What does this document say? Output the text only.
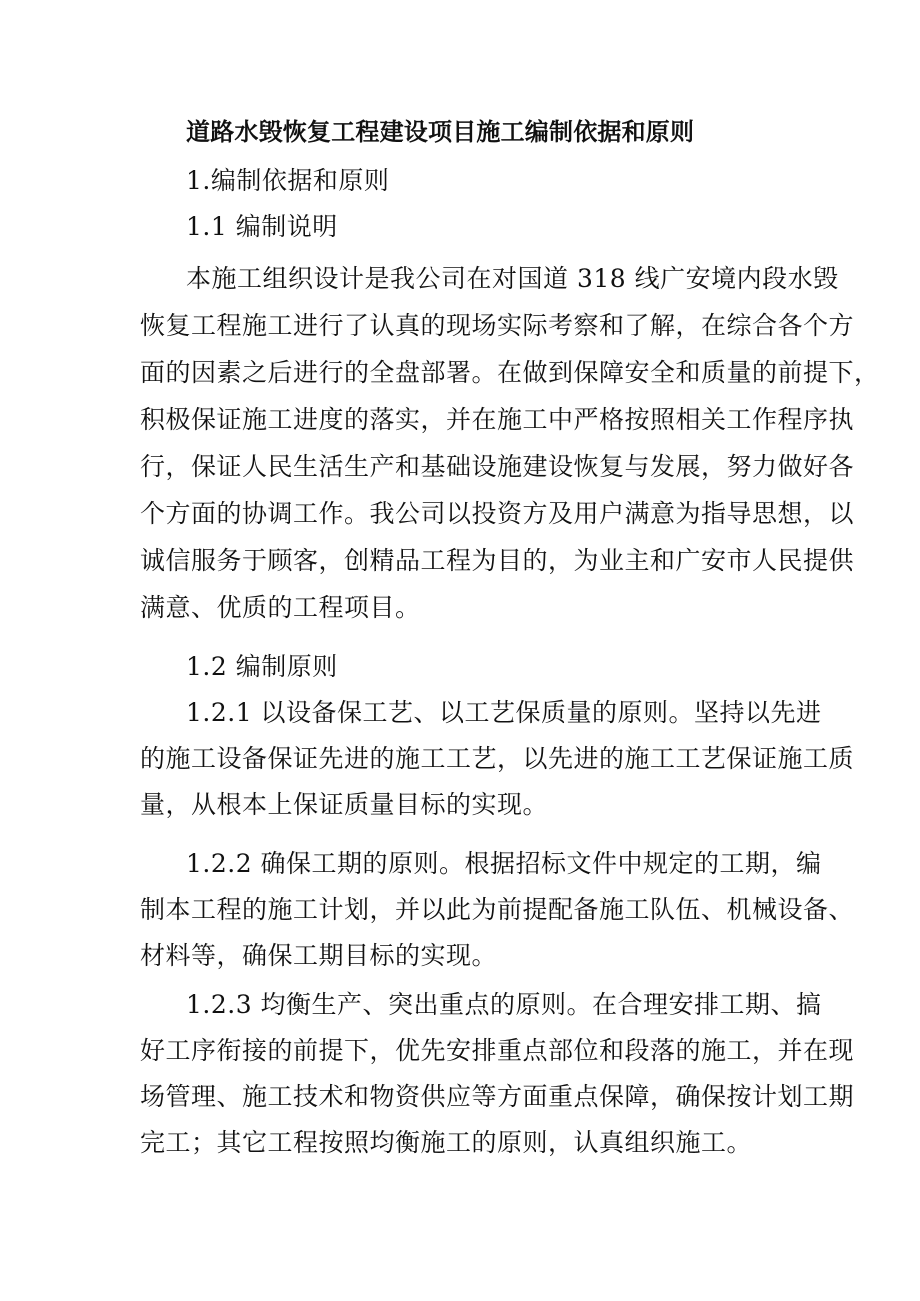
道路水毁恢复工程建设项目施工编制依据和原则
1.编制依据和原则
1.1 编制说明
本施工组织设计是我公司在对国道 318 线广安境内段水毁
恢复工程施工进行了认真的现场实际考察和了解，在综合各个方
面的因素之后进行的全盘部署。在做到保障安全和质量的前提下，
积极保证施工进度的落实，并在施工中严格按照相关工作程序执
行，保证人民生活生产和基础设施建设恢复与发展，努力做好各
个方面的协调工作。我公司以投资方及用户满意为指导思想，以
诚信服务于顾客，创精品工程为目的，为业主和广安市人民提供
满意、优质的工程项目。
1.2 编制原则
1.2.1 以设备保工艺、以工艺保质量的原则。坚持以先进
的施工设备保证先进的施工工艺，以先进的施工工艺保证施工质
量，从根本上保证质量目标的实现。
1.2.2 确保工期的原则。根据招标文件中规定的工期，编
制本工程的施工计划，并以此为前提配备施工队伍、机械设备、
材料等，确保工期目标的实现。
1.2.3 均衡生产、突出重点的原则。在合理安排工期、搞
好工序衔接的前提下，优先安排重点部位和段落的施工，并在现
场管理、施工技术和物资供应等方面重点保障，确保按计划工期
完工；其它工程按照均衡施工的原则，认真组织施工。
